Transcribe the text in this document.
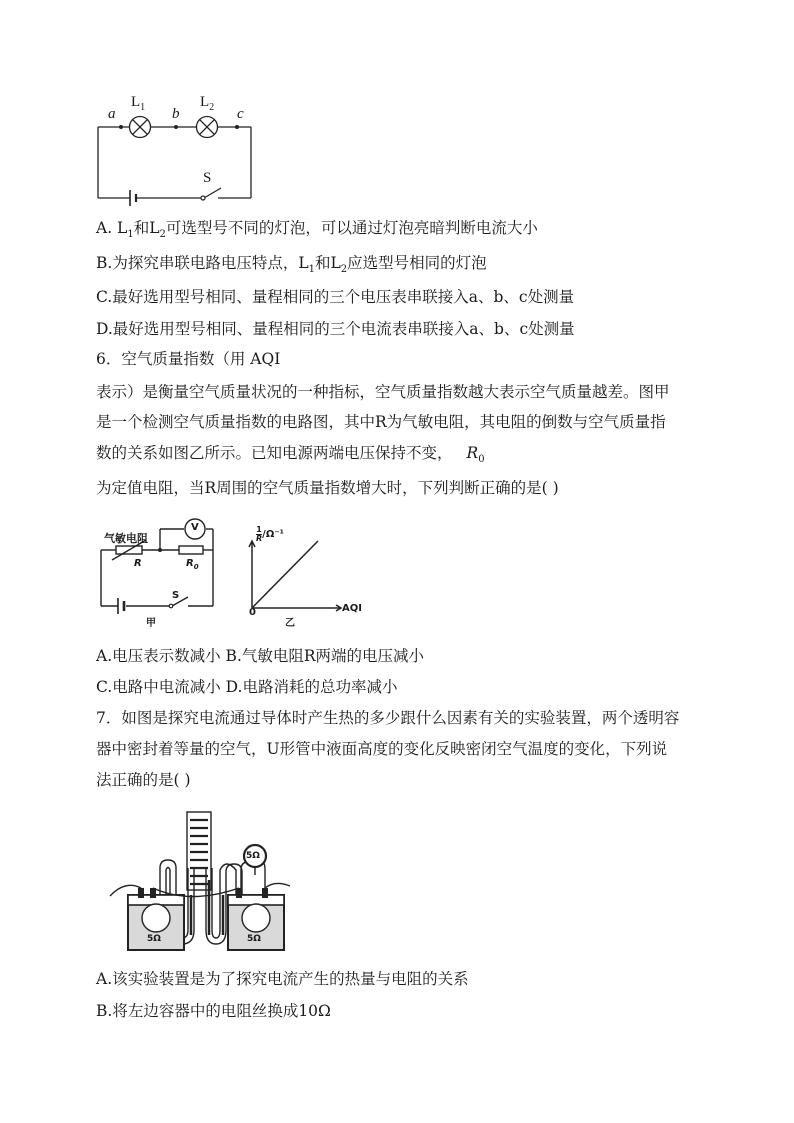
a	b	c
$L_1$	$L_2$
S
A. $L_1$和$L_2$可选型号不同的灯泡，可以通过灯泡亮暗判断电流大小
B.为探究串联电路电压特点，$L_1$和$L_2$应选型号相同的灯泡
C.最好选用型号相同、量程相同的三个电压表串联接入a、b、c处测量
D.最好选用型号相同、量程相同的三个电流表串联接入a、b、c处测量
6．空气质量指数（用 AQI
表示）是衡量空气质量状况的一种指标，空气质量指数越大表示空气质量越差。图甲
是一个检测空气质量指数的电路图，其中R为气敏电阻，其电阻的倒数与空气质量指
数的关系如图乙所示。已知电源两端电压保持不变， $R_0$
为定值电阻，当R周围的空气质量指数增大时，下列判断正确的是( )
气敏电阻
R	$R_0$
V
S
甲	乙
0	AQI
$\frac{1}{R} /\Omega^{-1}$
A.电压表示数减小 B.气敏电阻R两端的电压减小
C.电路中电流减小 D.电路消耗的总功率减小
7．如图是探究电流通过导体时产生热的多少跟什么因素有关的实验装置，两个透明容
器中密封着等量的空气，U形管中液面高度的变化反映密闭空气温度的变化，下列说
法正确的是( )
5Ω	5Ω
5Ω
A.该实验装置是为了探究电流产生的热量与电阻的关系
B.将左边容器中的电阻丝换成10Ω
